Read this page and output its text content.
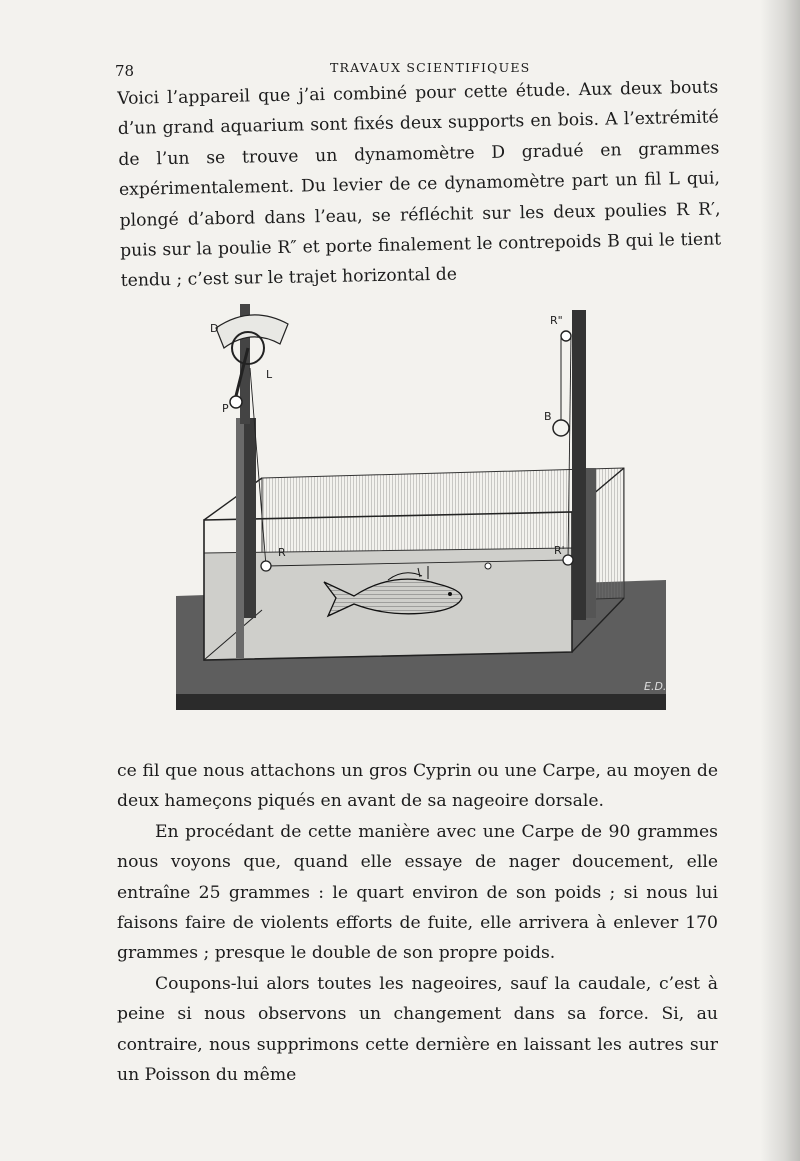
78	TRAVAUX SCIENTIFIQUES

Voici l’appareil que j’ai combiné pour cette étude. Aux deux bouts d’un grand aquarium sont fixés deux supports en bois. A l’extrémité de l’un se trouve un dynamomètre D gradué en grammes expérimentalement. Du levier de ce dynamomètre part un fil L qui, plongé d’abord dans l’eau, se réfléchit sur les deux poulies R R′, puis sur la poulie R″ et porte finalement le contrepoids B qui le tient tendu ; c’est sur le trajet horizontal de

D
L
P
R"
B
R	R'
E.D.

ce fil que nous attachons un gros Cyprin ou une Carpe, au moyen de deux hameçons piqués en avant de sa nageoire dorsale.

En procédant de cette manière avec une Carpe de 90 grammes nous voyons que, quand elle essaye de nager doucement, elle entraîne 25 grammes : le quart environ de son poids ; si nous lui faisons faire de violents efforts de fuite, elle arrivera à enlever 170 grammes ; presque le double de son propre poids.

Coupons-lui alors toutes les nageoires, sauf la caudale, c’est à peine si nous observons un changement dans sa force. Si, au contraire, nous supprimons cette dernière en laissant les autres sur un Poisson du même
